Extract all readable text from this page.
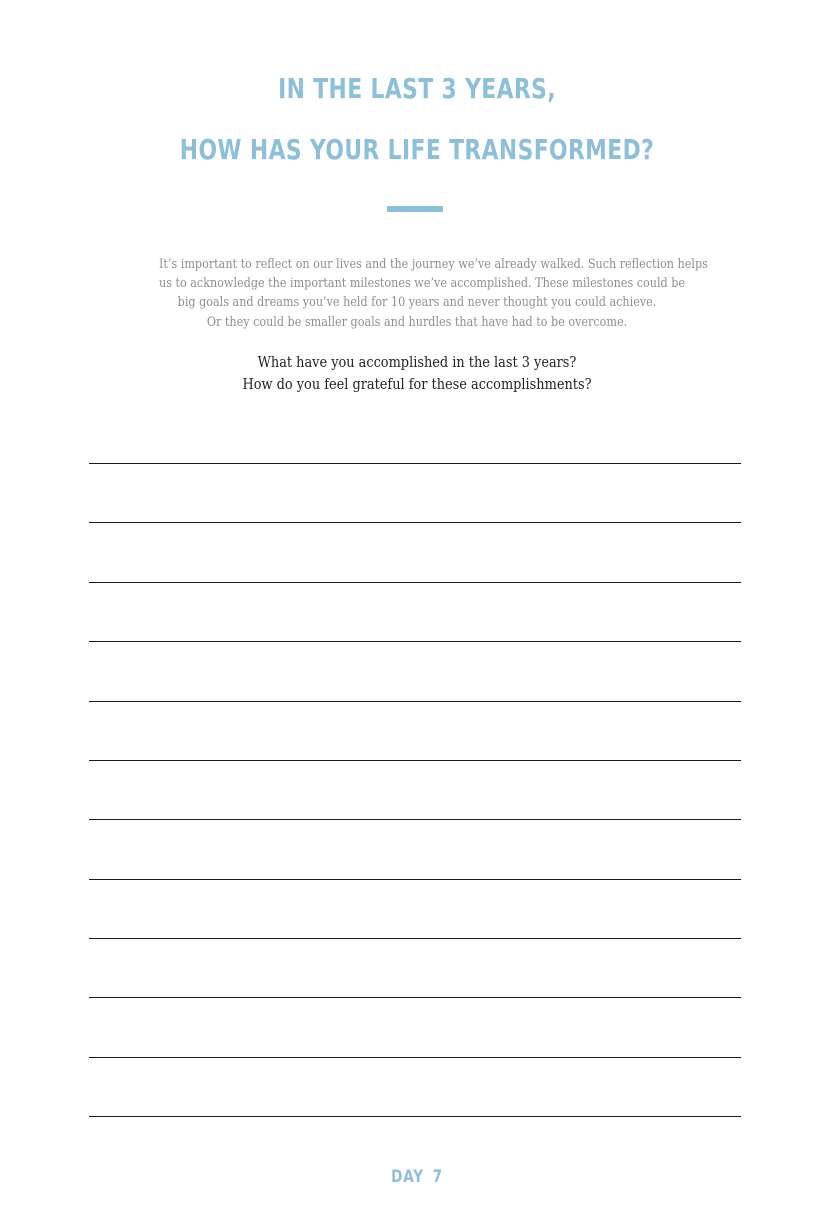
IN THE LAST 3 YEARS,
HOW HAS YOUR LIFE TRANSFORMED?
It’s important to reflect on our lives and the journey we’ve already walked. Such reflection helps
us to acknowledge the important milestones we’ve accomplished. These milestones could be
big goals and dreams you’ve held for 10 years and never thought you could achieve.
Or they could be smaller goals and hurdles that have had to be overcome.
What have you accomplished in the last 3 years?
How do you feel grateful for these accomplishments?
DAY 7
